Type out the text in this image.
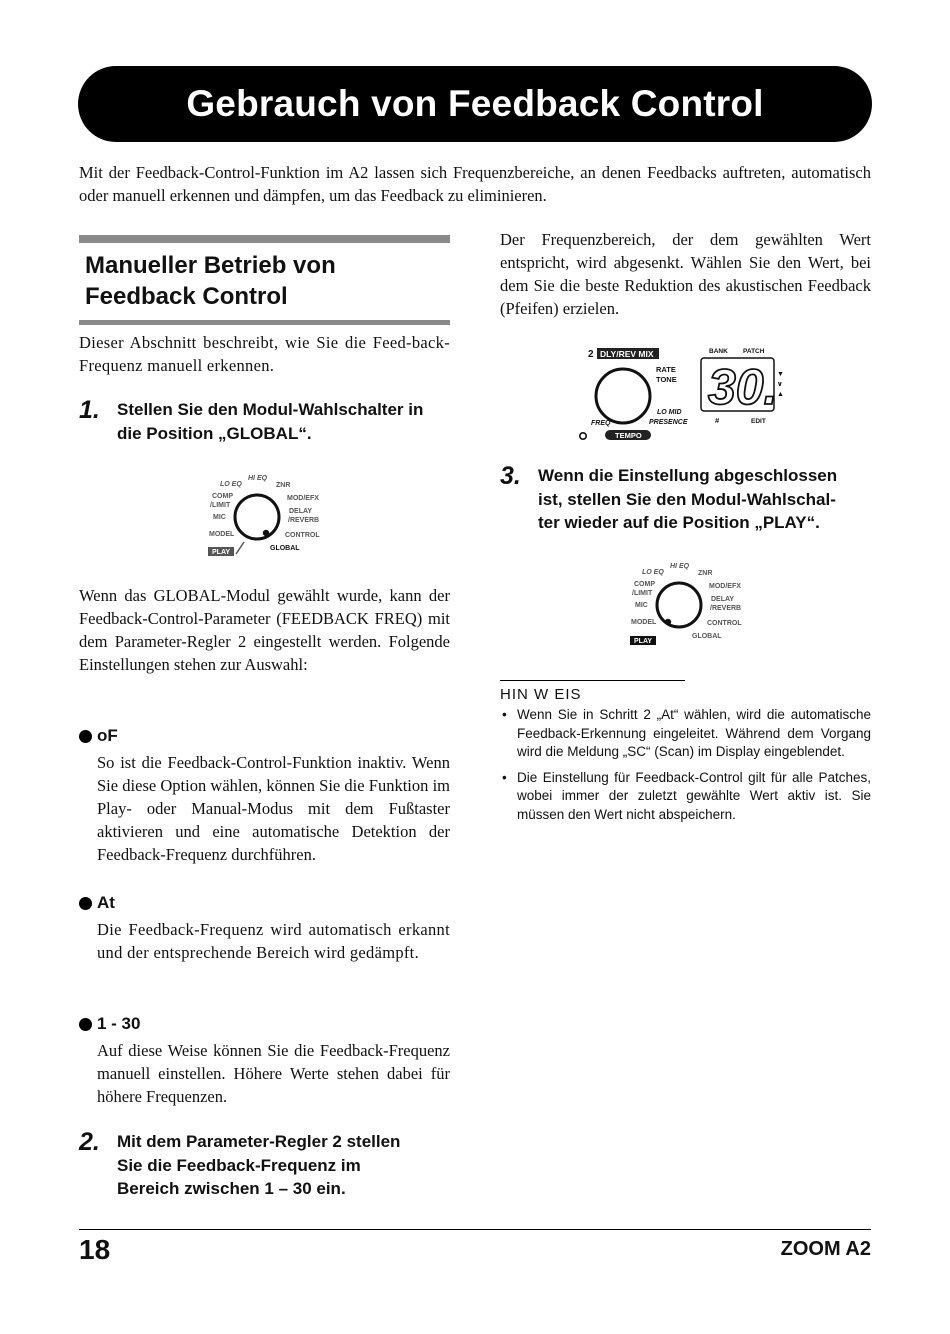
Gebrauch von Feedback Control

Mit der Feedback-Control-Funktion im A2 lassen sich Frequenzbereiche, an denen Feedbacks auftreten, automatisch oder manuell erkennen und dämpfen, um das Feedback zu eliminieren.

Manueller Betrieb von
Feedback Control

Dieser Abschnitt beschreibt, wie Sie die Feed-back-Frequenz manuell erkennen.

1.	Stellen Sie den Modul-Wahlschalter in
die Position „GLOBAL“.
HI EQ
LO EQ	ZNR
COMP
/LIMIT
MOD/EFX
MIC
DELAY
/REVERB
MODEL	CONTROL
PLAY
GLOBAL

Wenn das GLOBAL-Modul gewählt wurde, kann der Feedback-Control-Parameter (FEEDBACK FREQ) mit dem Parameter-Regler 2 eingestellt werden. Folgende Einstellungen stehen zur Auswahl:

oF

So ist die Feedback-Control-Funktion inaktiv. Wenn Sie diese Option wählen, können Sie die Funktion im Play- oder Manual-Modus mit dem Fußtaster aktivieren und eine automatische Detektion der Feedback-Frequenz durchführen.

At

Die Feedback-Frequenz wird automatisch erkannt und der entsprechende Bereich wird gedämpft.

1 - 30

Auf diese Weise können Sie die Feedback-Frequenz manuell einstellen. Höhere Werte stehen dabei für höhere Frequenzen.

2.	Mit dem Parameter-Regler 2 stellen
Sie die Feedback-Frequenz im
Bereich zwischen 1 – 30 ein.

Der Frequenzbereich, der dem gewählten Wert entspricht, wird abgesenkt. Wählen Sie den Wert, bei dem Sie die beste Reduktion des akustischen Feedback (Pfeifen) erzielen.

2 DLY/REV MIX
RATE
TONE
FREQ
LO MID
PRESENCE
TEMPO
BANK PATCH
30. ▼
∨
▲
#	EDIT
3.	Wenn die Einstellung abgeschlossen
ist, stellen Sie den Modul-Wahlschal-
ter wieder auf die Position „PLAY“.
HI EQ
LO EQ	ZNR
COMP
/LIMIT
MOD/EFX
MIC
DELAY
/REVERB
MODEL	CONTROL
PLAY
GLOBAL
HIN W EIS
• Wenn Sie in Schritt 2 „At“ wählen, wird die automatische Feedback-Erkennung eingeleitet. Während dem Vorgang wird die Meldung „SC“ (Scan) im Display eingeblendet.
• Die Einstellung für Feedback-Control gilt für alle Patches, wobei immer der zuletzt gewählte Wert aktiv ist. Sie müssen den Wert nicht abspeichern.
18	ZOOM A2
